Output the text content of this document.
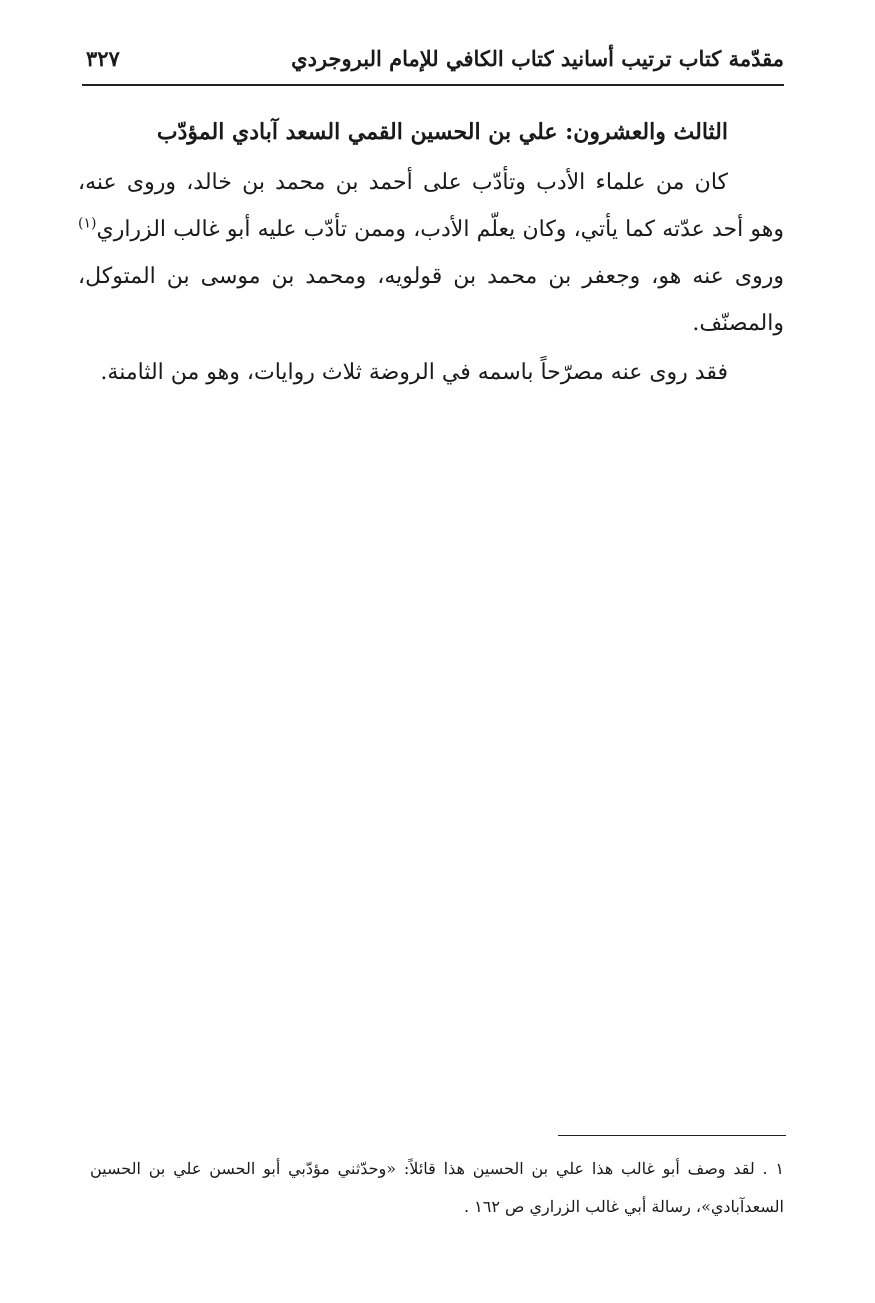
مقدّمة كتاب ترتيب أسانيد كتاب الكافي للإمام البروجردي
٣٢٧
الثالث والعشرون: علي بن الحسين القمي السعد آبادي المؤدّب

كان من علماء الأدب وتأدّب على أحمد بن محمد بن خالد، وروى عنه، وهو أحد عدّته كما يأتي، وكان يعلّم الأدب، وممن تأدّب عليه أبو غالب الزراري$^{(١)}$ وروى عنه هو، وجعفر بن محمد بن قولويه، ومحمد بن موسى بن المتوكل، والمصنّف.

فقد روى عنه مصرّحاً باسمه في الروضة ثلاث روايات، وهو من الثامنة.

١ . لقد وصف أبو غالب هذا علي بن الحسين هذا قائلاً: «وحدّثني مؤدّبي أبو الحسن علي بن الحسين السعدآبادي»، رسالة أبي غالب الزراري ص ١٦٢ .
